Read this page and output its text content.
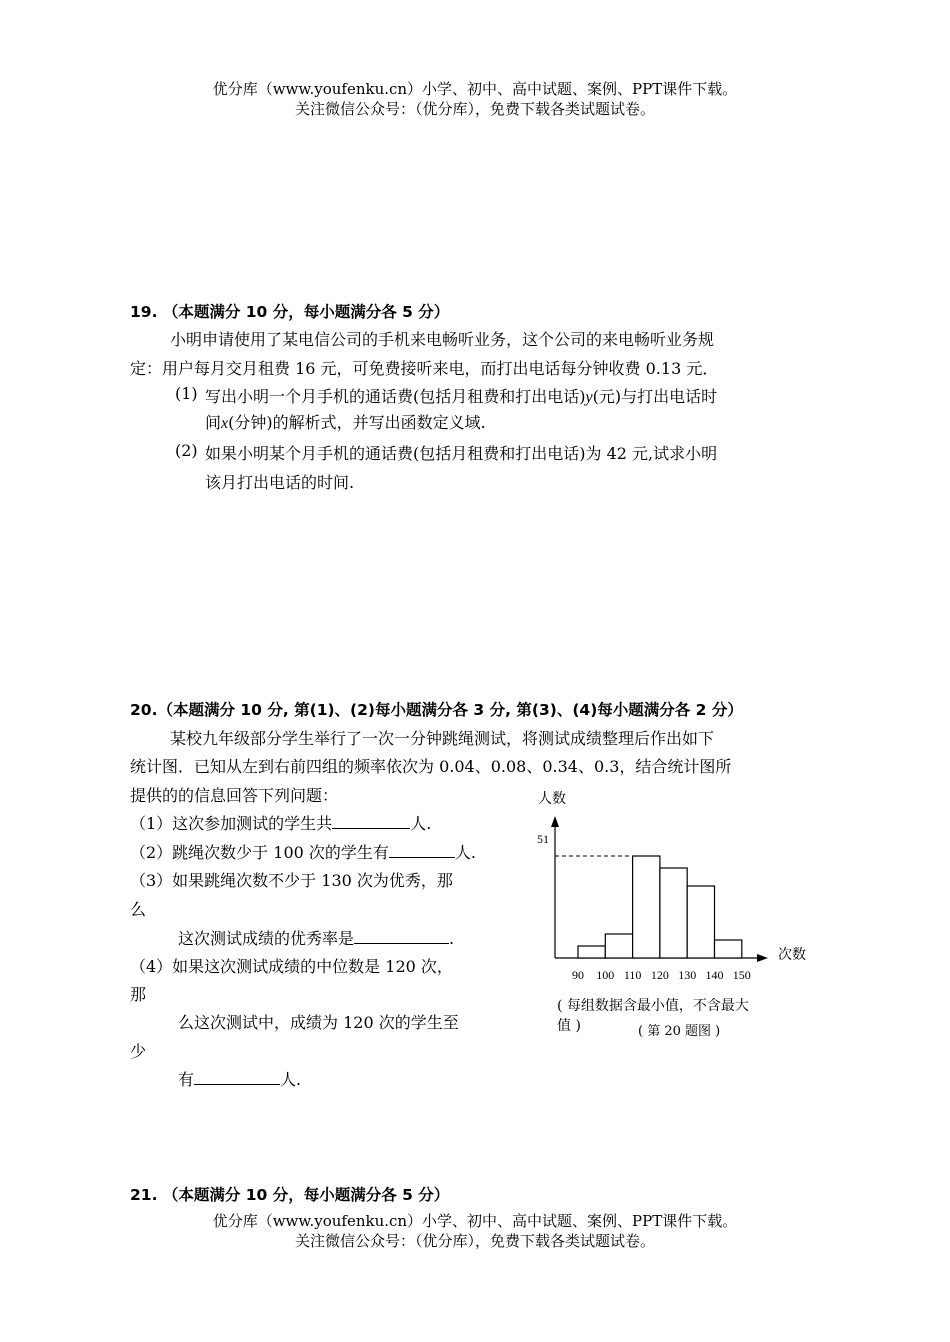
优分库（www.youfenku.cn）小学、初中、高中试题、案例、PPT课件下载。
关注微信公众号：（优分库），免费下载各类试题试卷。
19. （本题满分 10 分，每小题满分各 5 分）
小明申请使用了某电信公司的手机来电畅听业务，这个公司的来电畅听业务规
定：用户每月交月租费 16 元，可免费接听来电，而打出电话每分钟收费 0.13 元．
(1) 写出小明一个月手机的通话费(包括月租费和打出电话)y(元)与打出电话时
间x(分钟)的解析式，并写出函数定义域.
(2) 如果小明某个月手机的通话费(包括月租费和打出电话)为 42 元,试求小明
该月打出电话的时间.
20.（本题满分 10 分, 第(1)、(2)每小题满分各 3 分, 第(3)、(4)每小题满分各 2 分）
某校九年级部分学生举行了一次一分钟跳绳测试，将测试成绩整理后作出如下
统计图．已知从左到右前四组的频率依次为 0.04、0.08、0.34、0.3，结合统计图所
提供的的信息回答下列问题：
（1）这次参加测试的学生共	人.
（2）跳绳次数少于 100 次的学生有	人.
（3）如果跳绳次数不少于 130 次为优秀，那
么
这次测试成绩的优秀率是	.
（4）如果这次测试成绩的中位数是 120 次，
那
么这次测试中，成绩为 120 次的学生至
少
有	人.
人数
次数
51
90 100 110 120 130 140 150
( 每组数据含最小值，不含最大
值 )	( 第 20 题图 )
21. （本题满分 10 分，每小题满分各 5 分）
优分库（www.youfenku.cn）小学、初中、高中试题、案例、PPT课件下载。
关注微信公众号：（优分库），免费下载各类试题试卷。
